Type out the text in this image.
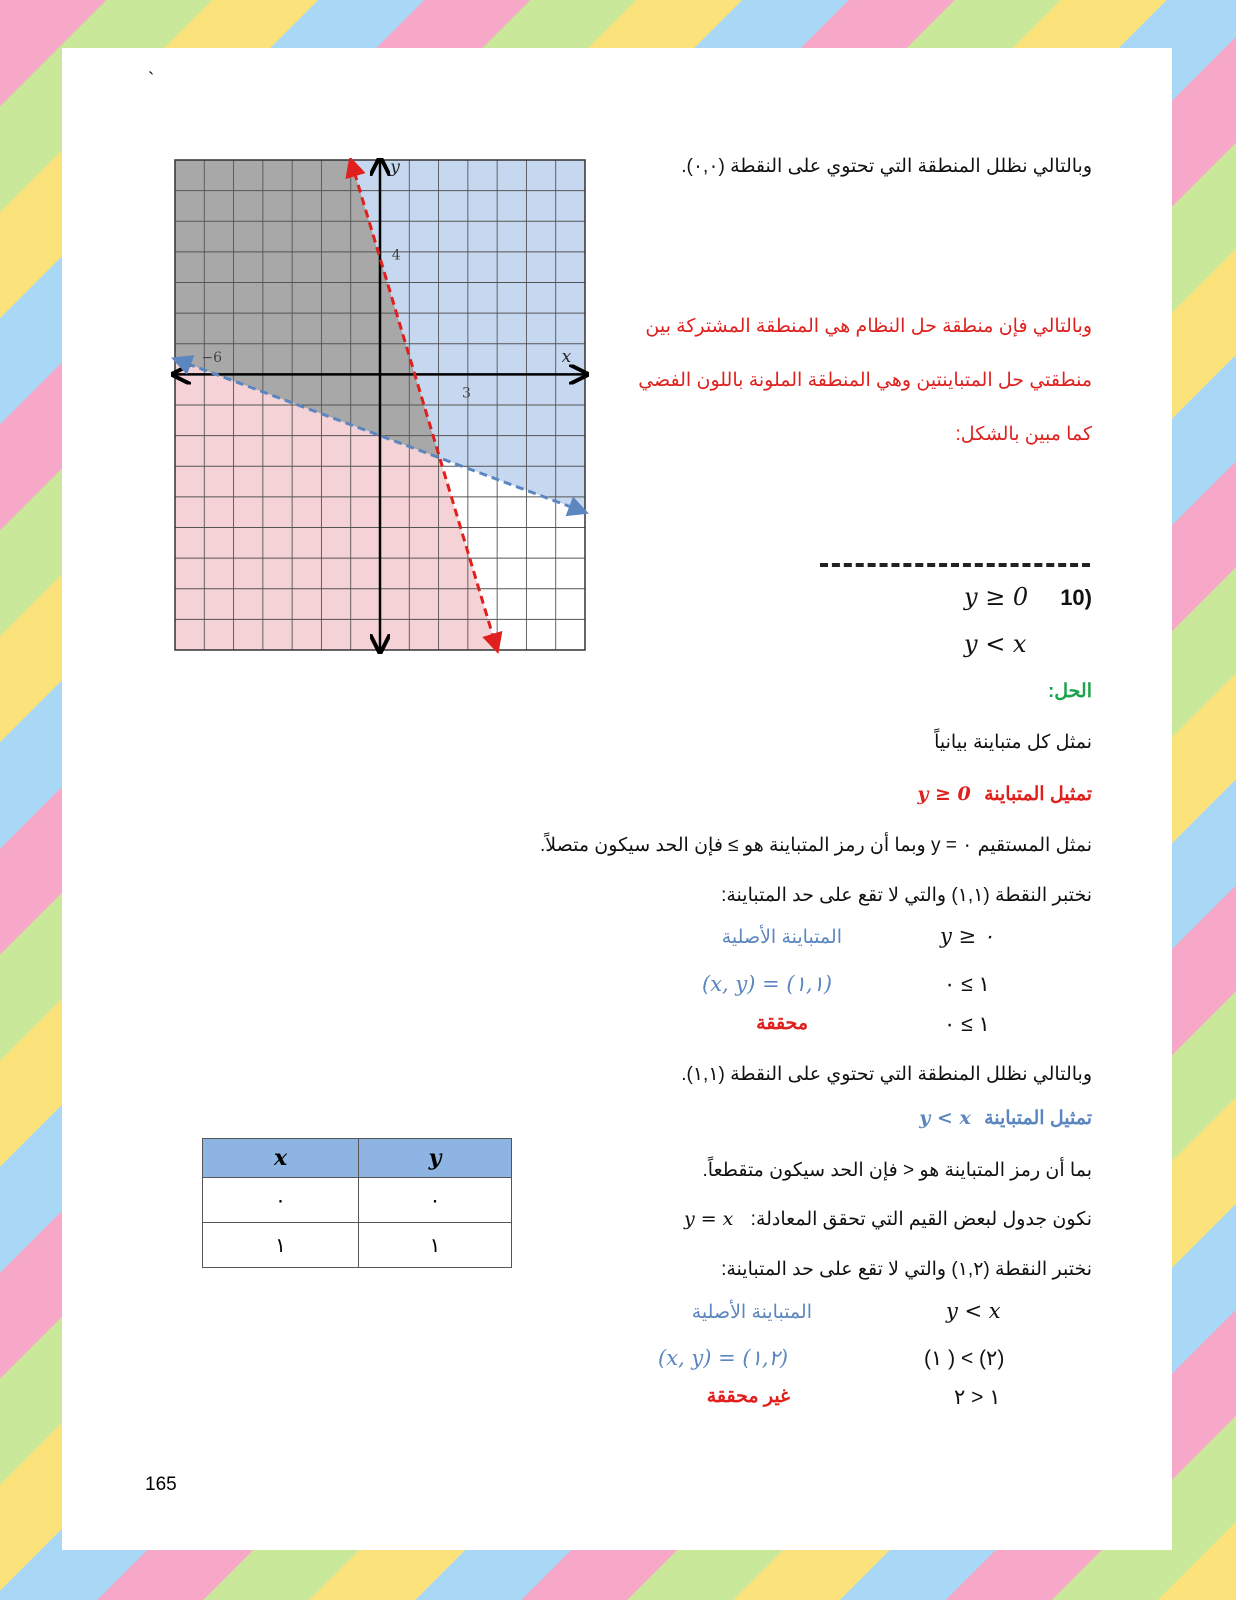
`
x
y
−6
3
4
وبالتالي نظلل المنطقة التي تحتوي على النقطة (٠,٠).
وبالتالي فإن منطقة حل النظام هي المنطقة المشتركة بين
منطقتي حل المتباينتين وهي المنطقة الملونة باللون الفضي
كما مبين بالشكل:
(10
y ≥ 0
y < x
الحل:
نمثل كل متباينة بيانياً
تمثيل المتباينة y ≥ 0
نمثل المستقيم ٠ = y وبما أن رمز المتباينة هو ≥ فإن الحد سيكون متصلاً.
نختبر النقطة (١,١) والتي لا تقع على حد المتباينة:
المتباينة الأصلية	y ≥ ٠
(x, y) = (١,١)	١ ≥ ٠
محققة	١ ≥ ٠
وبالتالي نظلل المنطقة التي تحتوي على النقطة (١,١).
تمثيل المتباينة y < x
بما أن رمز المتباينة هو < فإن الحد سيكون متقطعاً.
نكون جدول لبعض القيم التي تحقق المعادلة: y = x
نختبر النقطة (١,٢) والتي لا تقع على حد المتباينة:
المتباينة الأصلية	y < x
(x, y) = (١,٢)	(١ ) < (٢)
غير محققة	١ < ٢
x	y
٠	٠
١	١
165
